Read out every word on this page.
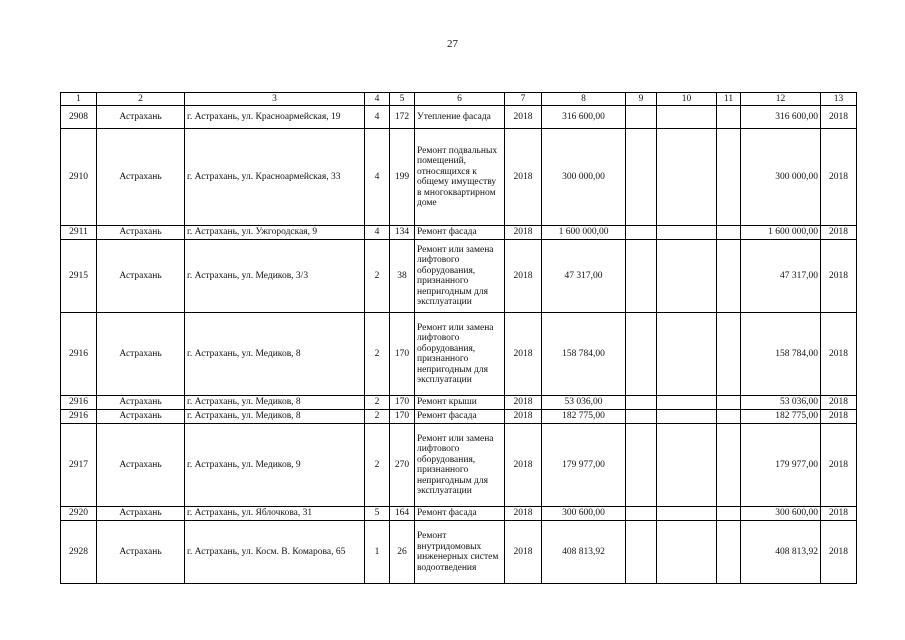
27
1	2	3	4	5	6	7	8	9	10	11	12	13
2908	Астрахань	г. Астрахань, ул. Красноармейская, 19	4	172	Утепление фасада	2018	316 600,00				316 600,00	2018
2910	Астрахань	г. Астрахань, ул. Красноармейская, 33	4	199	Ремонт подвальных помещений, относящихся к общему имуществу в многоквартирном доме	2018	300 000,00				300 000,00	2018
2911	Астрахань	г. Астрахань, ул. Ужгородская, 9	4	134	Ремонт фасада	2018	1 600 000,00				1 600 000,00	2018
2915	Астрахань	г. Астрахань, ул. Медиков, 3/3	2	38	Ремонт или замена лифтового оборудования, признанного непригодным для эксплуатации	2018	47 317,00				47 317,00	2018
2916	Астрахань	г. Астрахань, ул. Медиков, 8	2	170	Ремонт или замена лифтового оборудования, признанного непригодным для эксплуатации	2018	158 784,00				158 784,00	2018
2916	Астрахань	г. Астрахань, ул. Медиков, 8	2	170	Ремонт крыши	2018	53 036,00				53 036,00	2018
2916	Астрахань	г. Астрахань, ул. Медиков, 8	2	170	Ремонт фасада	2018	182 775,00				182 775,00	2018
2917	Астрахань	г. Астрахань, ул. Медиков, 9	2	270	Ремонт или замена лифтового оборудования, признанного непригодным для эксплуатации	2018	179 977,00				179 977,00	2018
2920	Астрахань	г. Астрахань, ул. Яблочкова, 31	5	164	Ремонт фасада	2018	300 600,00				300 600,00	2018
2928	Астрахань	г. Астрахань, ул. Косм. В. Комарова, 65	1	26	Ремонт внутридомовых инженерных систем водоотведения	2018	408 813,92				408 813,92	2018
